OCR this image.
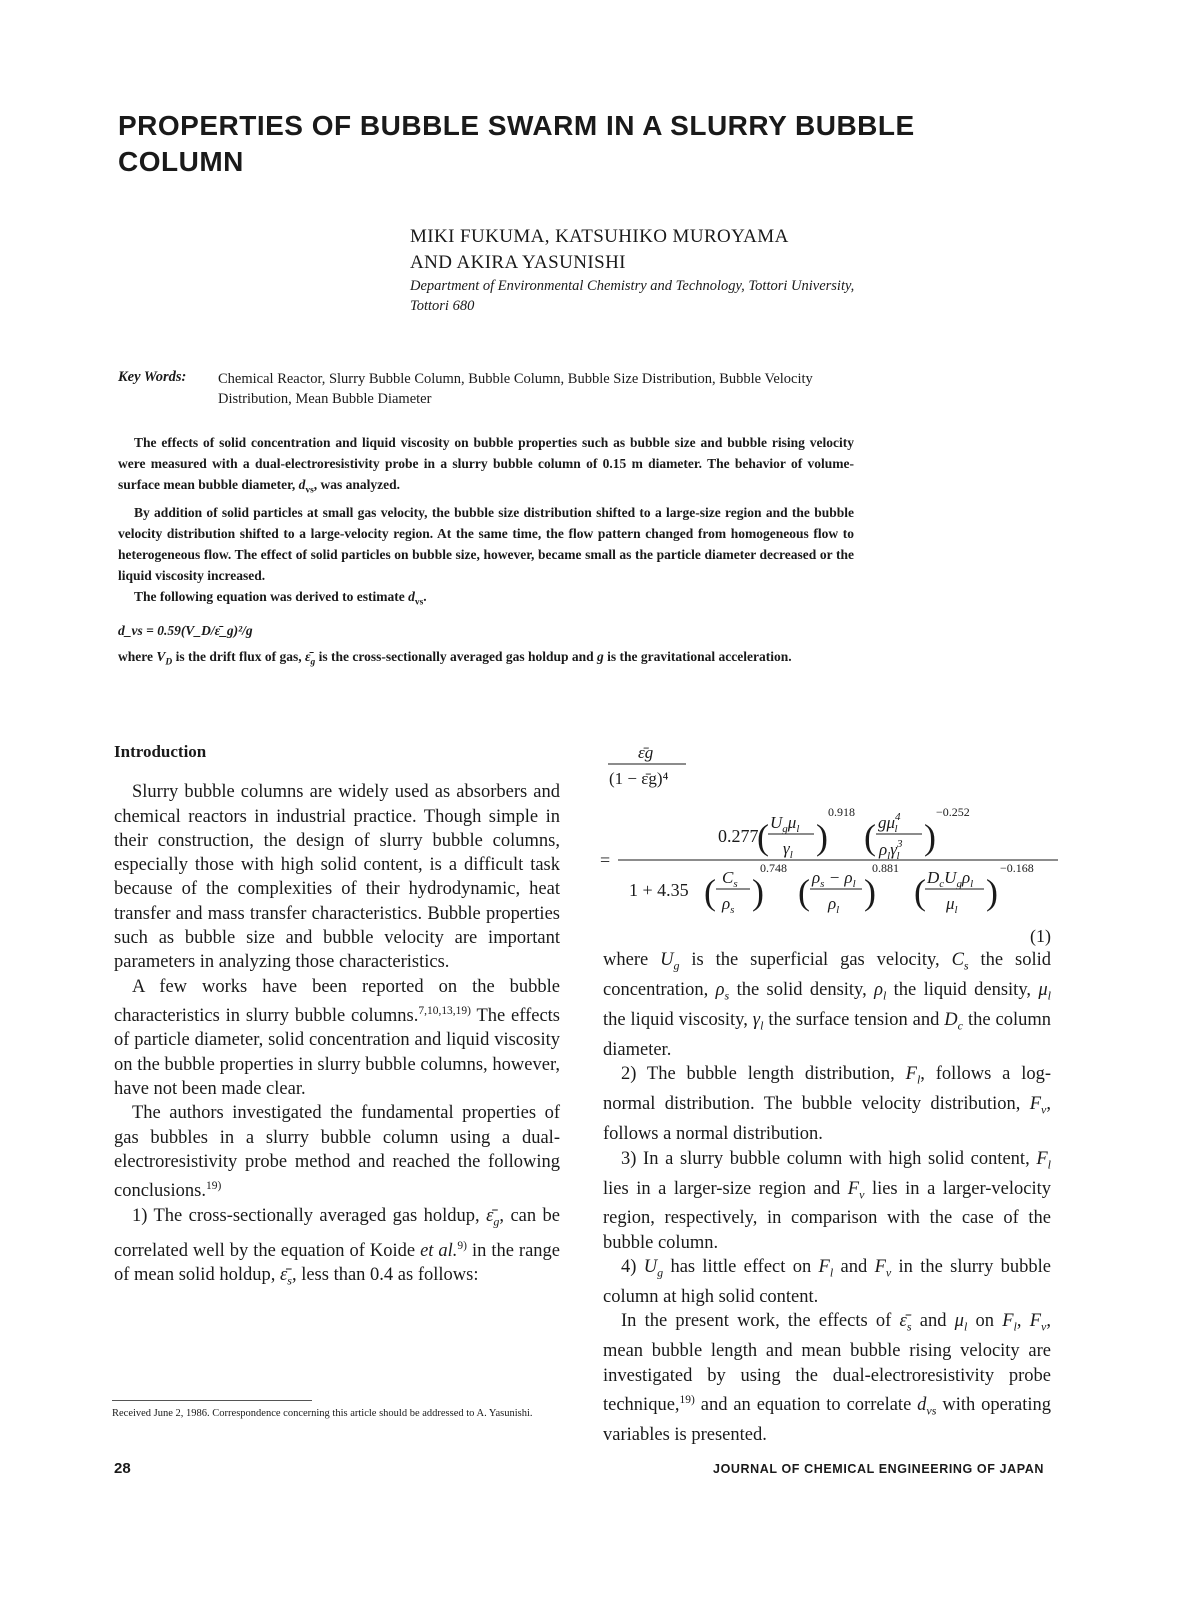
PROPERTIES OF BUBBLE SWARM IN A SLURRY BUBBLE COLUMN
MIKI FUKUMA, KATSUHIKO MUROYAMA
AND AKIRA YASUNISHI
Department of Environmental Chemistry and Technology, Tottori University,
Tottori 680
Key Words: Chemical Reactor, Slurry Bubble Column, Bubble Column, Bubble Size Distribution, Bubble Velocity Distribution, Mean Bubble Diameter

The effects of solid concentration and liquid viscosity on bubble properties such as bubble size and bubble rising velocity were measured with a dual-electroresistivity probe in a slurry bubble column of 0.15 m diameter. The behavior of volume-surface mean bubble diameter, $d_{vs}$, was analyzed.

By addition of solid particles at small gas velocity, the bubble size distribution shifted to a large-size region and the bubble velocity distribution shifted to a large-velocity region. At the same time, the flow pattern changed from homogeneous flow to heterogeneous flow. The effect of solid particles on bubble size, however, became small as the particle diameter decreased or the liquid viscosity increased.

The following equation was derived to estimate $d_{vs}$.

d_vs = 0.59(V_D/ε̄_g)²/g

where $V_D$ is the drift flux of gas, $\varepsilon̄_g$ is the cross-sectionally averaged gas holdup and g is the gravitational acceleration.

Introduction

Slurry bubble columns are widely used as absorbers and chemical reactors in industrial practice. Though simple in their construction, the design of slurry bubble columns, especially those with high solid content, is a difficult task because of the complexities of their hydrodynamic, heat transfer and mass transfer characteristics. Bubble properties such as bubble size and bubble velocity are important parameters in analyzing those characteristics.

A few works have been reported on the bubble characteristics in slurry bubble columns.$^{7,10,13,19)}$ The effects of particle diameter, solid concentration and liquid viscosity on the bubble properties in slurry bubble columns, however, have not been made clear.

The authors investigated the fundamental properties of gas bubbles in a slurry bubble column using a dual-electroresistivity probe method and reached the following conclusions.$^{19)}$

1) The cross-sectionally averaged gas holdup, $\varepsilon̄_g$, can be correlated well by the equation of Koide et al.$^{9)}$ in the range of mean solid holdup, $\varepsilon̄_s$, less than 0.4 as follows:

ε̄g
(1 − ε̄g)⁴
0.277
( $U_g\mu_l$
$\gamma_l$ )
0.918
( $g\mu^4$ l
$\rho_l\gamma^3$ l )
−0.252
=
1 + 4.35 ( $C_s$
$\rho_s$ )
0.748
( $\rho_s - \rho_l$
$\rho_l$ )
0.881
( $D_cU_g\rho_l$
$\mu_l$ )
−0.168
(1)

where $U_g$ is the superficial gas velocity, $C_s$ the solid concentration, $\rho_s$ the solid density, $\rho_l$ the liquid density, $\mu_l$ the liquid viscosity, $\gamma_l$ the surface tension and $D_c$ the column diameter.

2) The bubble length distribution, $F_l$, follows a log-normal distribution. The bubble velocity distribution, $F_v$, follows a normal distribution.

3) In a slurry bubble column with high solid content, $F_l$ lies in a larger-size region and $F_v$ lies in a larger-velocity region, respectively, in comparison with the case of the bubble column.

4) $U_g$ has little effect on $F_l$ and $F_v$ in the slurry bubble column at high solid content.

In the present work, the effects of $\varepsilon̄_s$ and $\mu_l$ on $F_l$, $F_v$, mean bubble length and mean bubble rising velocity are investigated by using the dual-electroresistivity probe technique,$^{19)}$ and an equation to correlate $d_{vs}$ with operating variables is presented.

Received June 2, 1986. Correspondence concerning this article should be addressed to A. Yasunishi.
28	JOURNAL OF CHEMICAL ENGINEERING OF JAPAN
